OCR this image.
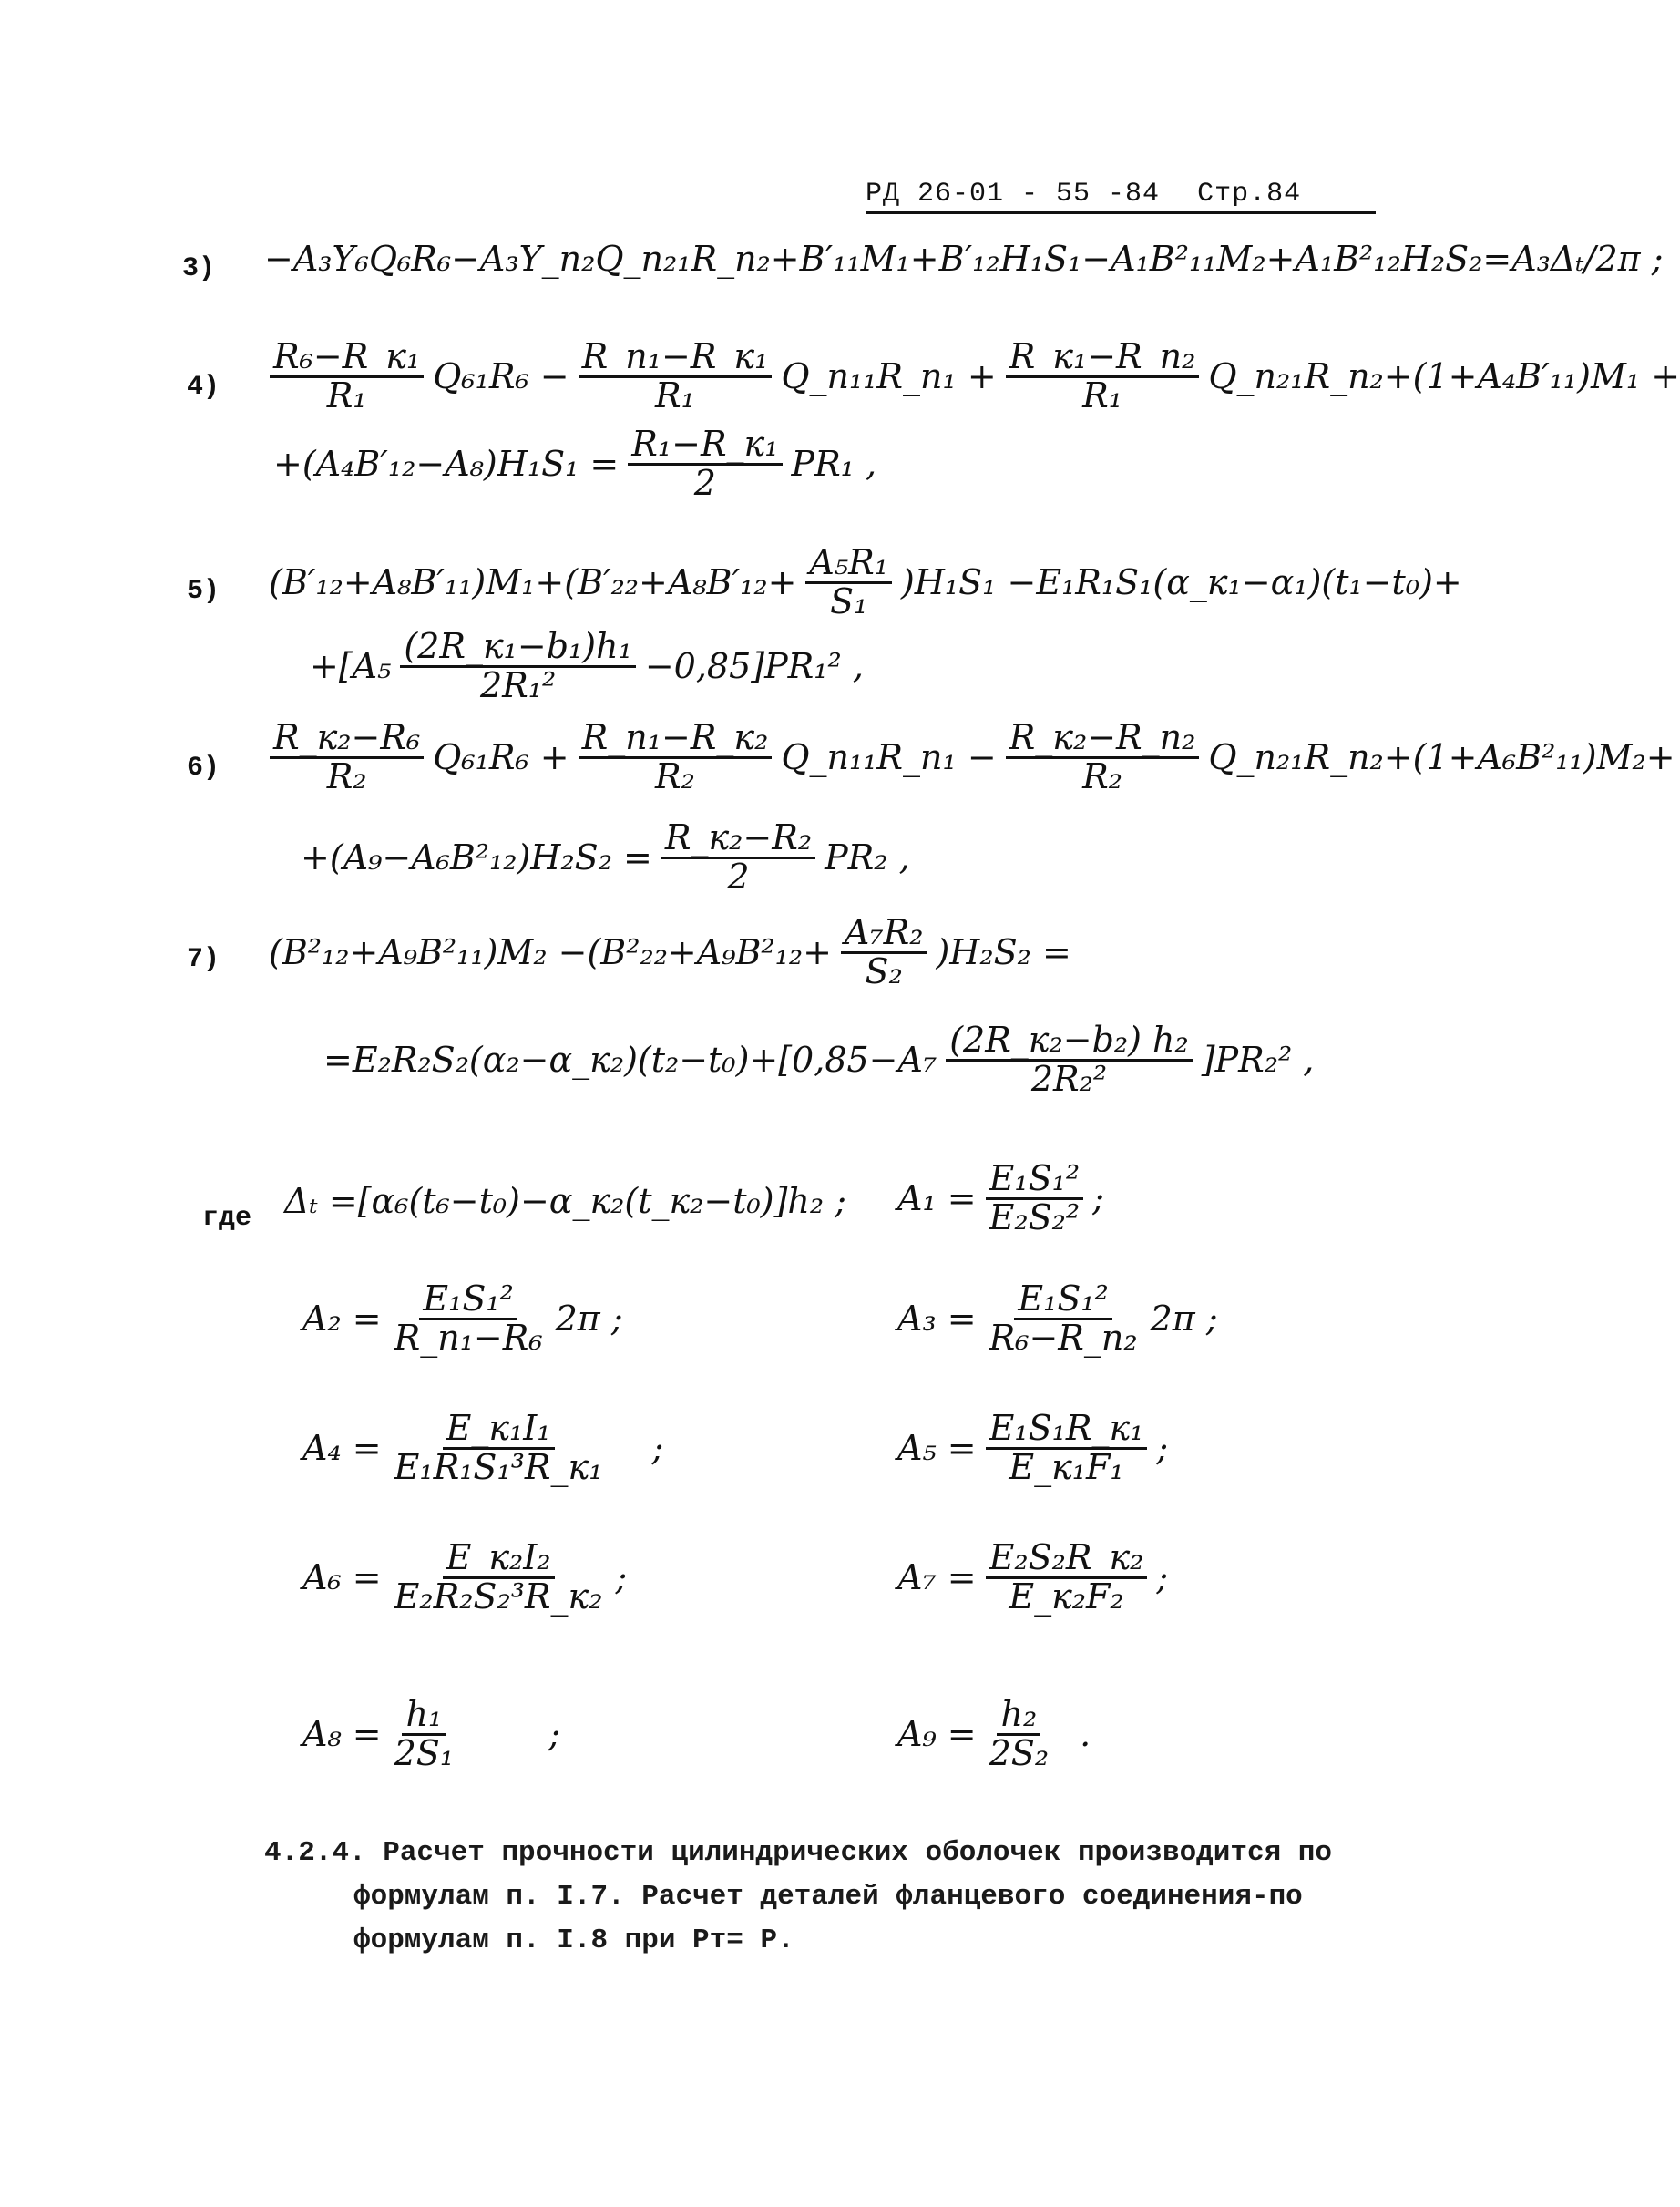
РД 26-01 - 55 -84 Стр.84
3) −A₃Y₆Q₆R₆−A₃Y_п₂Q_п₂₁R_п₂+B′₁₁M₁+B′₁₂H₁S₁−A₁B²₁₁M₂+A₁B²₁₂H₂S₂=A₃Δₜ/2π ;
$4) \frac{\text{R₆−R\_к₁}}{\text{R₁}} Q_{61}R_6 - \frac{\text{R\_п₁−R\_к₁}}{\text{R₁}}$ Q_п₁₁R_п₁ + $\frac{\text{R\_к₁−R\_п₂}}{\text{R₁}}$ Q_п₂₁R_п₂+(1+A₄B′₁₁)M₁ +
$+(A_4B'_{12}-A_8)H_1S_1 = \frac{\text{R₁−R\_к₁}}{2} PR_1$ ,
5) $(B'_{12}+A_8B'_{11})M_1+(B'_{22}+A_8B'_{12}+ \frac{\text{A₅R₁}}{\text{S₁}} )H_1S_1$ −E₁R₁S₁(α_к₁−α₁)(t₁−t₀)+
$+[A_5 \frac{\text{(2R\_к₁−b₁)h₁}}{\text{2R₁²}} -0,85]PR_1^2$ ,
$6) \frac{\text{R\_к₂−R₆}}{\text{R₂}} Q_{61}R_6 + \frac{\text{R\_п₁−R\_к₂}}{\text{R₂}}$ Q_п₁₁R_п₁ − $\frac{\text{R\_к₂−R\_п₂}}{\text{R₂}}$ Q_п₂₁R_п₂+(1+A₆B²₁₁)M₂+
$+(A_9-A_6B^2_{12})H_2S_2 = \frac{\text{R\_к₂−R₂}}{2} PR_2$ ,
7) $(B^2_{12}+A_9B^2_{11})M_2 -(B^2_{22}+A_9B^2_{12}+ \frac{\text{A₇R₂}}{\text{S₂}} )H_2S_2$ =
=E₂R₂S₂(α₂−α_к₂)(t₂−t₀)+[0,85−A₇ $\frac{\text{(2R\_к₂−b₂) h₂}}{\text{2R₂²}} ]PR_2^2$ ,
где Δₜ =[α₆(t₆−t₀)−α_к₂(t_к₂−t₀)]h₂ ; $A_1 = \frac{\text{E₁S₁²}}{\text{E₂S₂²}}$ ;
$A_2 = \frac{\text{E₁S₁²}}{\text{R\_п₁−R₆}} 2\pi$ ;	$A_3 = \frac{\text{E₁S₁²}}{\text{R₆−R\_п₂}} 2\pi$ ;
$A_4 = \frac{\text{E\_к₁I₁}}{\text{E₁R₁S₁³R\_к₁}}$ ;	$A_5 = \frac{\text{E₁S₁R\_к₁}}{\text{E\_к₁F₁}}$ ;
$A_6 = \frac{\text{E\_к₂I₂}}{\text{E₂R₂S₂³R\_к₂}}$ ;	$A_7 = \frac{\text{E₂S₂R\_к₂}}{\text{E\_к₂F₂}}$ ;
$A_8 = \frac{\text{h₁}}{\text{2S₁}}$	;	$A_9 = \frac{\text{h₂}}{\text{2S₂}}$ .
4.2.4. Расчет прочности цилиндрических оболочек производится по
формулам п. I.7. Расчет деталей фланцевого соединения-по
формулам п. I.8 при Pт= P.
